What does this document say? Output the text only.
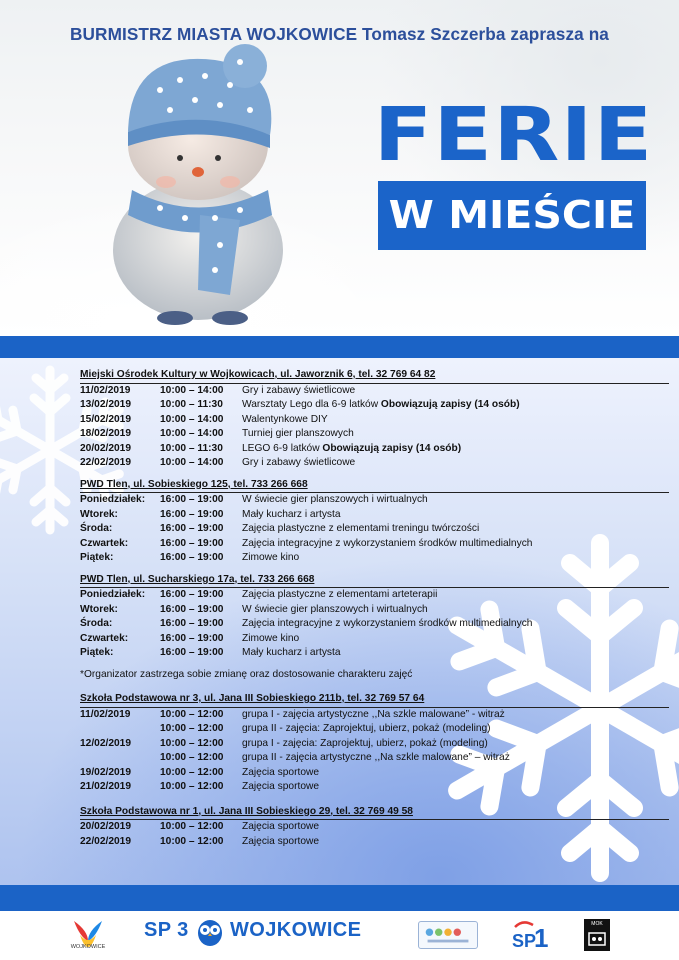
BURMISTRZ MIASTA WOJKOWICE Tomasz Szczerba zaprasza na
FERIE
W MIEŚCIE
Miejski Ośrodek Kultury w Wojkowicach, ul. Jaworznik 6, tel. 32 769 64 82
11/02/2019	10:00 – 14:00	Gry i zabawy świetlicowe
13/02/2019	10:00 – 11:30	Warsztaty Lego dla 6-9 latków Obowiązują zapisy (14 osób)
15/02/2019	10:00 – 14:00	Walentynkowe DIY
18/02/2019	10:00 – 14:00	Turniej gier planszowych
20/02/2019	10:00 – 11:30	LEGO 6-9 latków Obowiązują zapisy (14 osób)
22/02/2019	10:00 – 14:00	Gry i zabawy świetlicowe
PWD Tlen, ul. Sobieskiego 125, tel. 733 266 668
Poniedziałek:	16:00 – 19:00	W świecie gier planszowych i wirtualnych
Wtorek:	16:00 – 19:00	Mały kucharz i artysta
Środa:	16:00 – 19:00	Zajęcia plastyczne z elementami treningu twórczości
Czwartek:	16:00 – 19:00	Zajęcia integracyjne z wykorzystaniem środków multimedialnych
Piątek:	16:00 – 19:00	Zimowe kino
PWD Tlen, ul. Sucharskiego 17a, tel. 733 266 668
Poniedziałek:	16:00 – 19:00	Zajęcia plastyczne z elementami arteterapii
Wtorek:	16:00 – 19:00	W świecie gier planszowych i wirtualnych
Środa:	16:00 – 19:00	Zajęcia integracyjne z wykorzystaniem środków multimedialnych
Czwartek:	16:00 – 19:00	Zimowe kino
Piątek:	16:00 – 19:00	Mały kucharz i artysta
*Organizator zastrzega sobie zmianę oraz dostosowanie charakteru zajęć
Szkoła Podstawowa nr 3, ul. Jana III Sobieskiego 211b, tel. 32 769 57 64
11/02/2019	10:00 – 12:00	grupa I - zajęcia artystyczne ,,Na szkle malowane” - witraż
10:00 – 12:00	grupa II - zajęcia: Zaprojektuj, ubierz, pokaż (modeling)
12/02/2019	10:00 – 12:00	grupa I - zajęcia: Zaprojektuj, ubierz, pokaż (modeling)
10:00 – 12:00	grupa II - zajęcia artystyczne ,,Na szkle malowane” – witraż
19/02/2019	10:00 – 12:00	Zajęcia sportowe
21/02/2019	10:00 – 12:00	Zajęcia sportowe
Szkoła Podstawowa nr 1, ul. Jana III Sobieskiego 29, tel. 32 769 49 58
20/02/2019	10:00 – 12:00	Zajęcia sportowe
22/02/2019	10:00 – 12:00	Zajęcia sportowe
WOJKOWICE
SP 3 WOJKOWICE	SP
1	MOK
